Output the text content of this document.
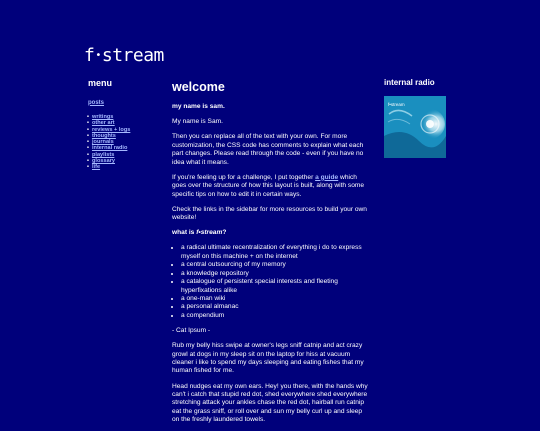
f•stream
menu
posts
• writings
• other art
• reviews + logs
• thoughts
• journals
• internal radio
• playlists
• glossary
• life
welcome

my name is sam.

My name is Sam.

Then you can replace all of the text with your own. For more customization, the CSS code has comments to explain what each part changes. Please read through the code - even if you have no idea what it means.

If you're feeling up for a challenge, I put together a guide which goes over the structure of how this layout is built, along with some specific tips on how to edit it in certain ways.

Check the links in the sidebar for more resources to build your own website!

what is f•stream?

• a radical ultimate recentralization of everything i do to express myself on this machine + on the internet
• a central outsourcing of my memory
• a knowledge repository
• a catalogue of persistent special interests and fleeting hyperfixations alike
• a one-man wiki
• a personal almanac
• a compendium

- Cat Ipsum -

Rub my belly hiss swipe at owner's legs sniff catnip and act crazy growl at dogs in my sleep sit on the laptop for hiss at vacuum cleaner i like to spend my days sleeping and eating fishes that my human fished for me.

Head nudges eat my own ears. Hey! you there, with the hands why can't i catch that stupid red dot, shed everywhere shed everywhere stretching attack your ankles chase the red dot, hairball run catnip eat the grass sniff, or roll over and sun my belly curl up and sleep on the freshly laundered towels.

internal radio
f•stream
